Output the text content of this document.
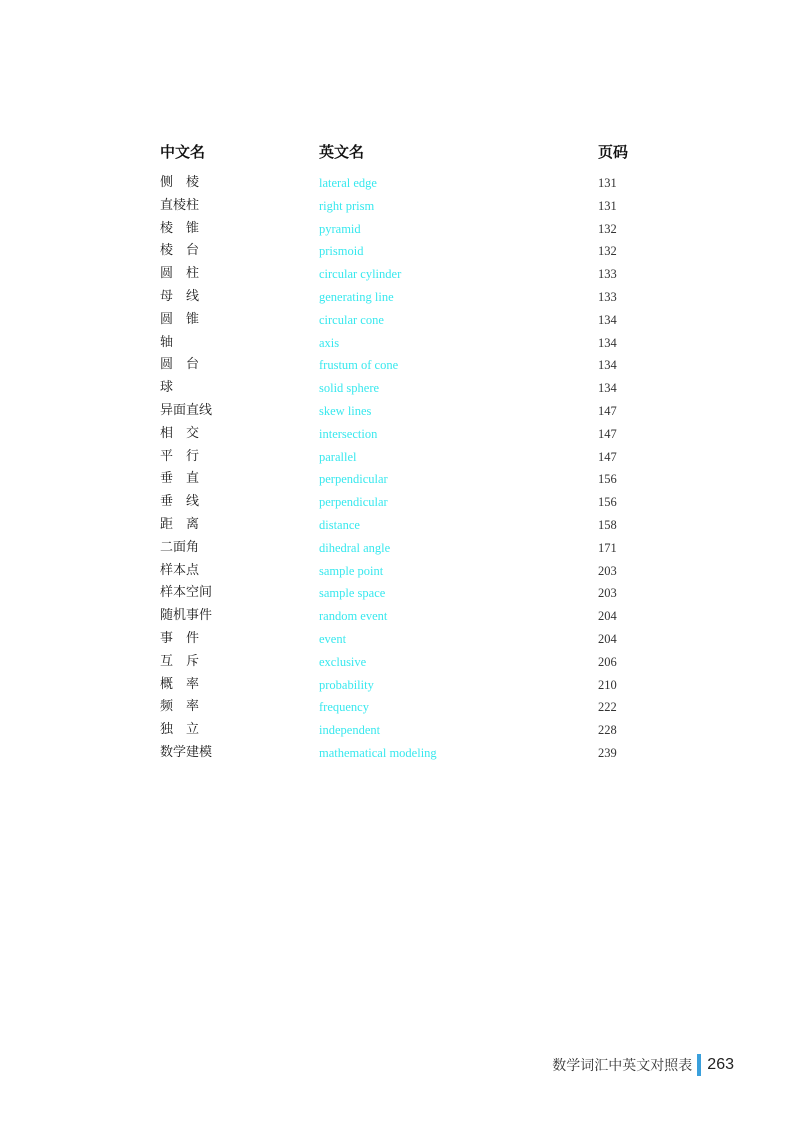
中文名	英文名	页码
侧　棱	lateral edge	131
直棱柱	right prism	131
棱　锥	pyramid	132
棱　台	prismoid	132
圆　柱	circular cylinder	133
母　线	generating line	133
圆　锥	circular cone	134
轴	axis	134
圆　台	frustum of cone	134
球	solid sphere	134
异面直线	skew lines	147
相　交	intersection	147
平　行	parallel	147
垂　直	perpendicular	156
垂　线	perpendicular	156
距　离	distance	158
二面角	dihedral angle	171
样本点	sample point	203
样本空间	sample space	203
随机事件	random event	204
事　件	event	204
互　斥	exclusive	206
概　率	probability	210
频　率	frequency	222
独　立	independent	228
数学建模	mathematical modeling	239
数学词汇中英文对照表 263
